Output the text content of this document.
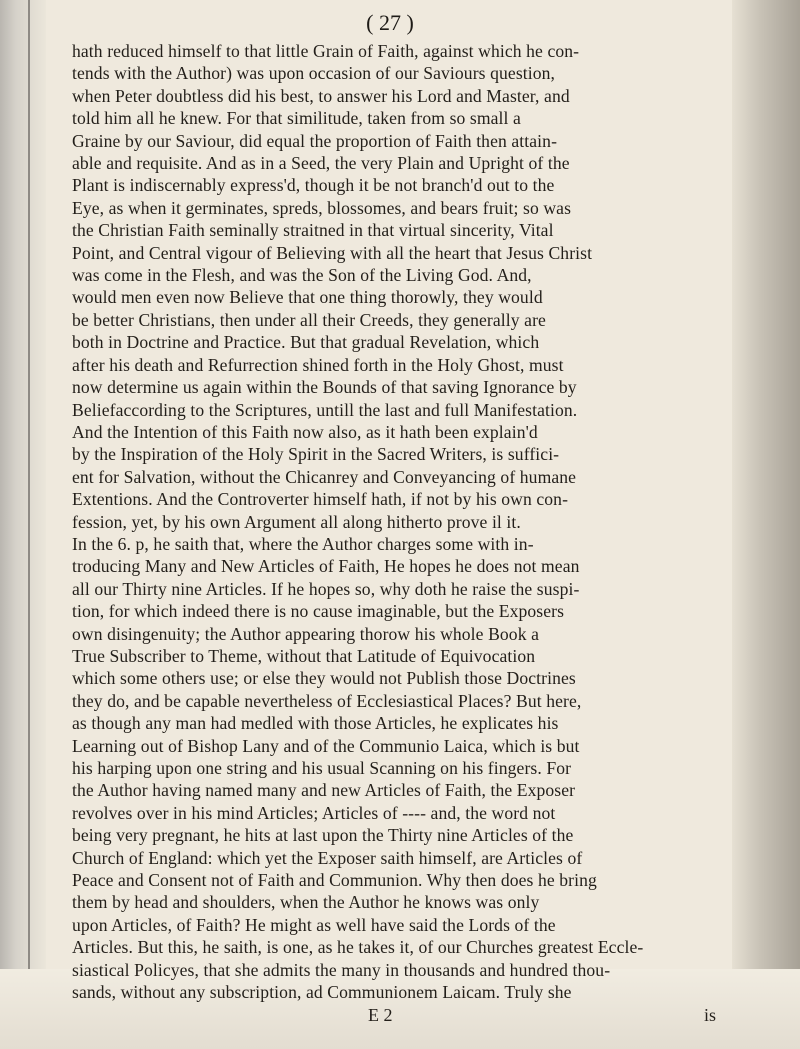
( 27 )
hath reduced himself to that little Grain of Faith, against which he con-
tends with the Author) was upon occasion of our Saviours question,
when Peter doubtless did his best, to answer his Lord and Master, and
told him all he knew. For that similitude, taken from so small a
Graine by our Saviour, did equal the proportion of Faith then attain-
able and requisite. And as in a Seed, the very Plain and Upright of the
Plant is indiscernably express'd, though it be not branch'd out to the
Eye, as when it germinates, spreds, blossomes, and bears fruit; so was
the Christian Faith seminally straitned in that virtual sincerity, Vital
Point, and Central vigour of Believing with all the heart that Jesus Christ
was come in the Flesh, and was the Son of the Living God. And,
would men even now Believe that one thing thorowly, they would
be better Christians, then under all their Creeds, they generally are
both in Doctrine and Practice. But that gradual Revelation, which
after his death and Refurrection shined forth in the Holy Ghost, must
now determine us again within the Bounds of that saving Ignorance by
Beliefaccording to the Scriptures, untill the last and full Manifestation.
And the Intention of this Faith now also, as it hath been explain'd
by the Inspiration of the Holy Spirit in the Sacred Writers, is suffici-
ent for Salvation, without the Chicanrey and Conveyancing of humane
Extentions. And the Controverter himself hath, if not by his own con-
fession, yet, by his own Argument all along hitherto prove il it.
In the 6. p, he saith that, where the Author charges some with in-
troducing Many and New Articles of Faith, He hopes he does not mean
all our Thirty nine Articles. If he hopes so, why doth he raise the suspi-
tion, for which indeed there is no cause imaginable, but the Exposers
own disingenuity; the Author appearing thorow his whole Book a
True Subscriber to Theme, without that Latitude of Equivocation
which some others use; or else they would not Publish those Doctrines
they do, and be capable nevertheless of Ecclesiastical Places? But here,
as though any man had medled with those Articles, he explicates his
Learning out of Bishop Lany and of the Communio Laica, which is but
his harping upon one string and his usual Scanning on his fingers. For
the Author having named many and new Articles of Faith, the Exposer
revolves over in his mind Articles; Articles of ---- and, the word not
being very pregnant, he hits at last upon the Thirty nine Articles of the
Church of England: which yet the Exposer saith himself, are Articles of
Peace and Consent not of Faith and Communion. Why then does he bring
them by head and shoulders, when the Author he knows was only
upon Articles, of Faith? He might as well have said the Lords of the
Articles. But this, he saith, is one, as he takes it, of our Churches greatest Eccle-
siastical Policyes, that she admits the many in thousands and hundred thou-
sands, without any subscription, ad Communionem Laicam. Truly she
E 2	is
